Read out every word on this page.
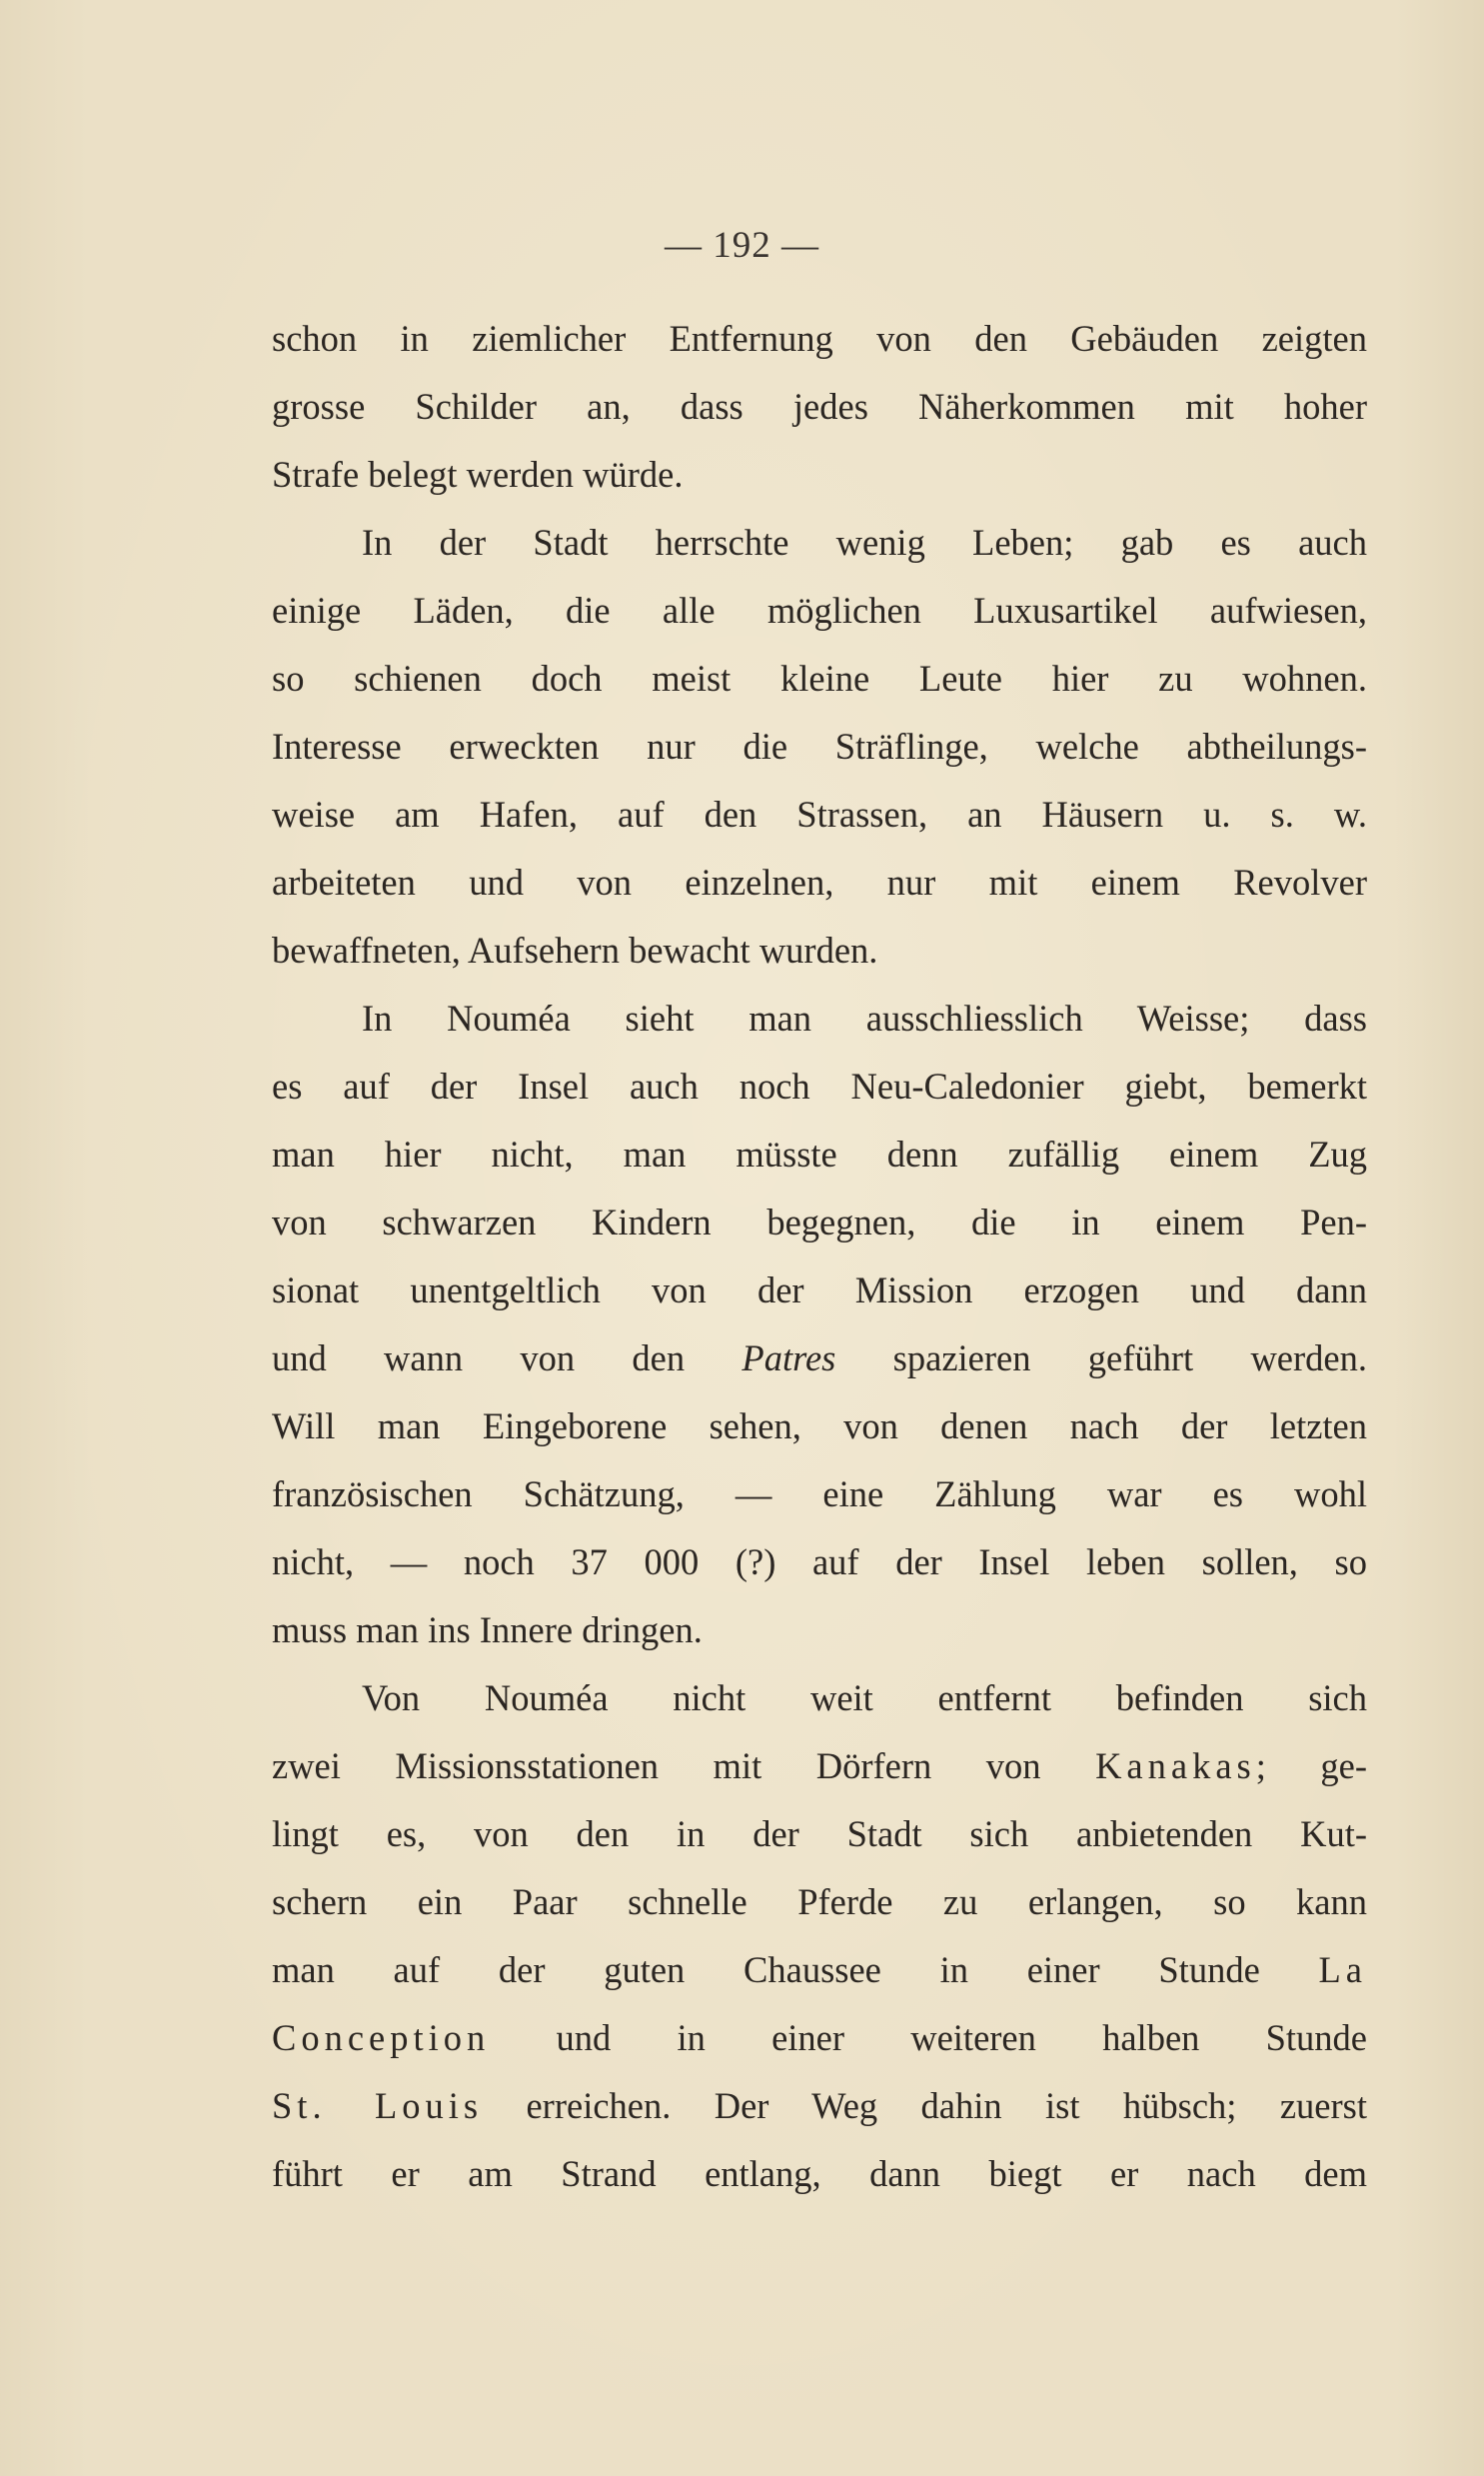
— 192 —
schon in ziemlicher Entfernung von den Gebäuden zeigten
grosse Schilder an, dass jedes Näherkommen mit hoher
Strafe belegt werden würde.
In der Stadt herrschte wenig Leben; gab es auch
einige Läden, die alle möglichen Luxusartikel aufwiesen,
so schienen doch meist kleine Leute hier zu wohnen.
Interesse erweckten nur die Sträflinge, welche abtheilungs-
weise am Hafen, auf den Strassen, an Häusern u. s. w.
arbeiteten und von einzelnen, nur mit einem Revolver
bewaffneten, Aufsehern bewacht wurden.
In Nouméa sieht man ausschliesslich Weisse; dass
es auf der Insel auch noch Neu-Caledonier giebt, bemerkt
man hier nicht, man müsste denn zufällig einem Zug
von schwarzen Kindern begegnen, die in einem Pen-
sionat unentgeltlich von der Mission erzogen und dann
und wann von den Patres spazieren geführt werden.
Will man Eingeborene sehen, von denen nach der letzten
französischen Schätzung, — eine Zählung war es wohl
nicht, — noch 37 000 (?) auf der Insel leben sollen, so
muss man ins Innere dringen.
Von Nouméa nicht weit entfernt befinden sich
zwei Missionsstationen mit Dörfern von Kanakas; ge-
lingt es, von den in der Stadt sich anbietenden Kut-
schern ein Paar schnelle Pferde zu erlangen, so kann
man auf der guten Chaussee in einer Stunde La
Conception und in einer weiteren halben Stunde
St. Louis erreichen. Der Weg dahin ist hübsch; zuerst
führt er am Strand entlang, dann biegt er nach dem
